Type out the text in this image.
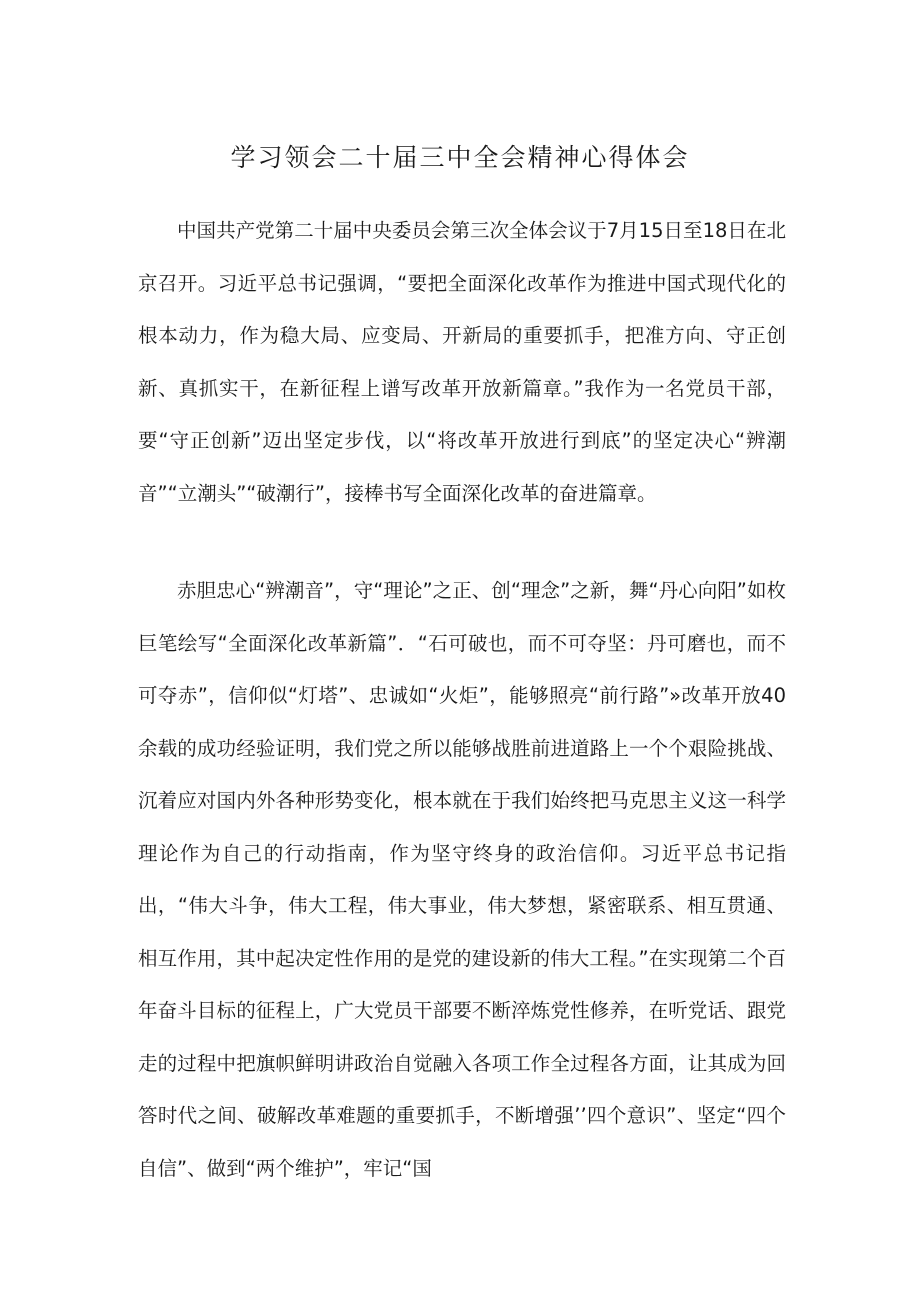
学习领会二十届三中全会精神心得体会

中国共产党第二十届中央委员会第三次全体会议于7月15日至18日在北京召开。习近平总书记强调，“要把全面深化改革作为推进中国式现代化的根本动力，作为稳大局、应变局、开新局的重要抓手，把准方向、守正创新、真抓实干，在新征程上谱写改革开放新篇章。”我作为一名党员干部，要“守正创新”迈出坚定步伐，以“将改革开放进行到底”的坚定决心“辨潮音”“立潮头”“破潮行”，接棒书写全面深化改革的奋进篇章。

赤胆忠心“辨潮音”，守“理论”之正、创“理念”之新，舞“丹心向阳”如枚巨笔绘写“全面深化改革新篇”．“石可破也，而不可夺坚：丹可磨也，而不可夺赤”，信仰似“灯塔”、忠诚如“火炬”，能够照亮“前行路”»改革开放40余载的成功经验证明，我们党之所以能够战胜前进道路上一个个艰险挑战、沉着应对国内外各种形势变化，根本就在于我们始终把马克思主义这一科学理论作为自己的行动指南，作为坚守终身的政治信仰。习近平总书记指出，“伟大斗争，伟大工程，伟大事业，伟大梦想，紧密联系、相互贯通、相互作用，其中起决定性作用的是党的建设新的伟大工程。”在实现第二个百年奋斗目标的征程上，广大党员干部要不断淬炼党性修养，在听党话、跟党走的过程中把旗帜鲜明讲政治自觉融入各项工作全过程各方面，让其成为回答时代之间、破解改革难题的重要抓手，不断增强’’四个意识”、坚定“四个自信”、做到“两个维护”，牢记“国
